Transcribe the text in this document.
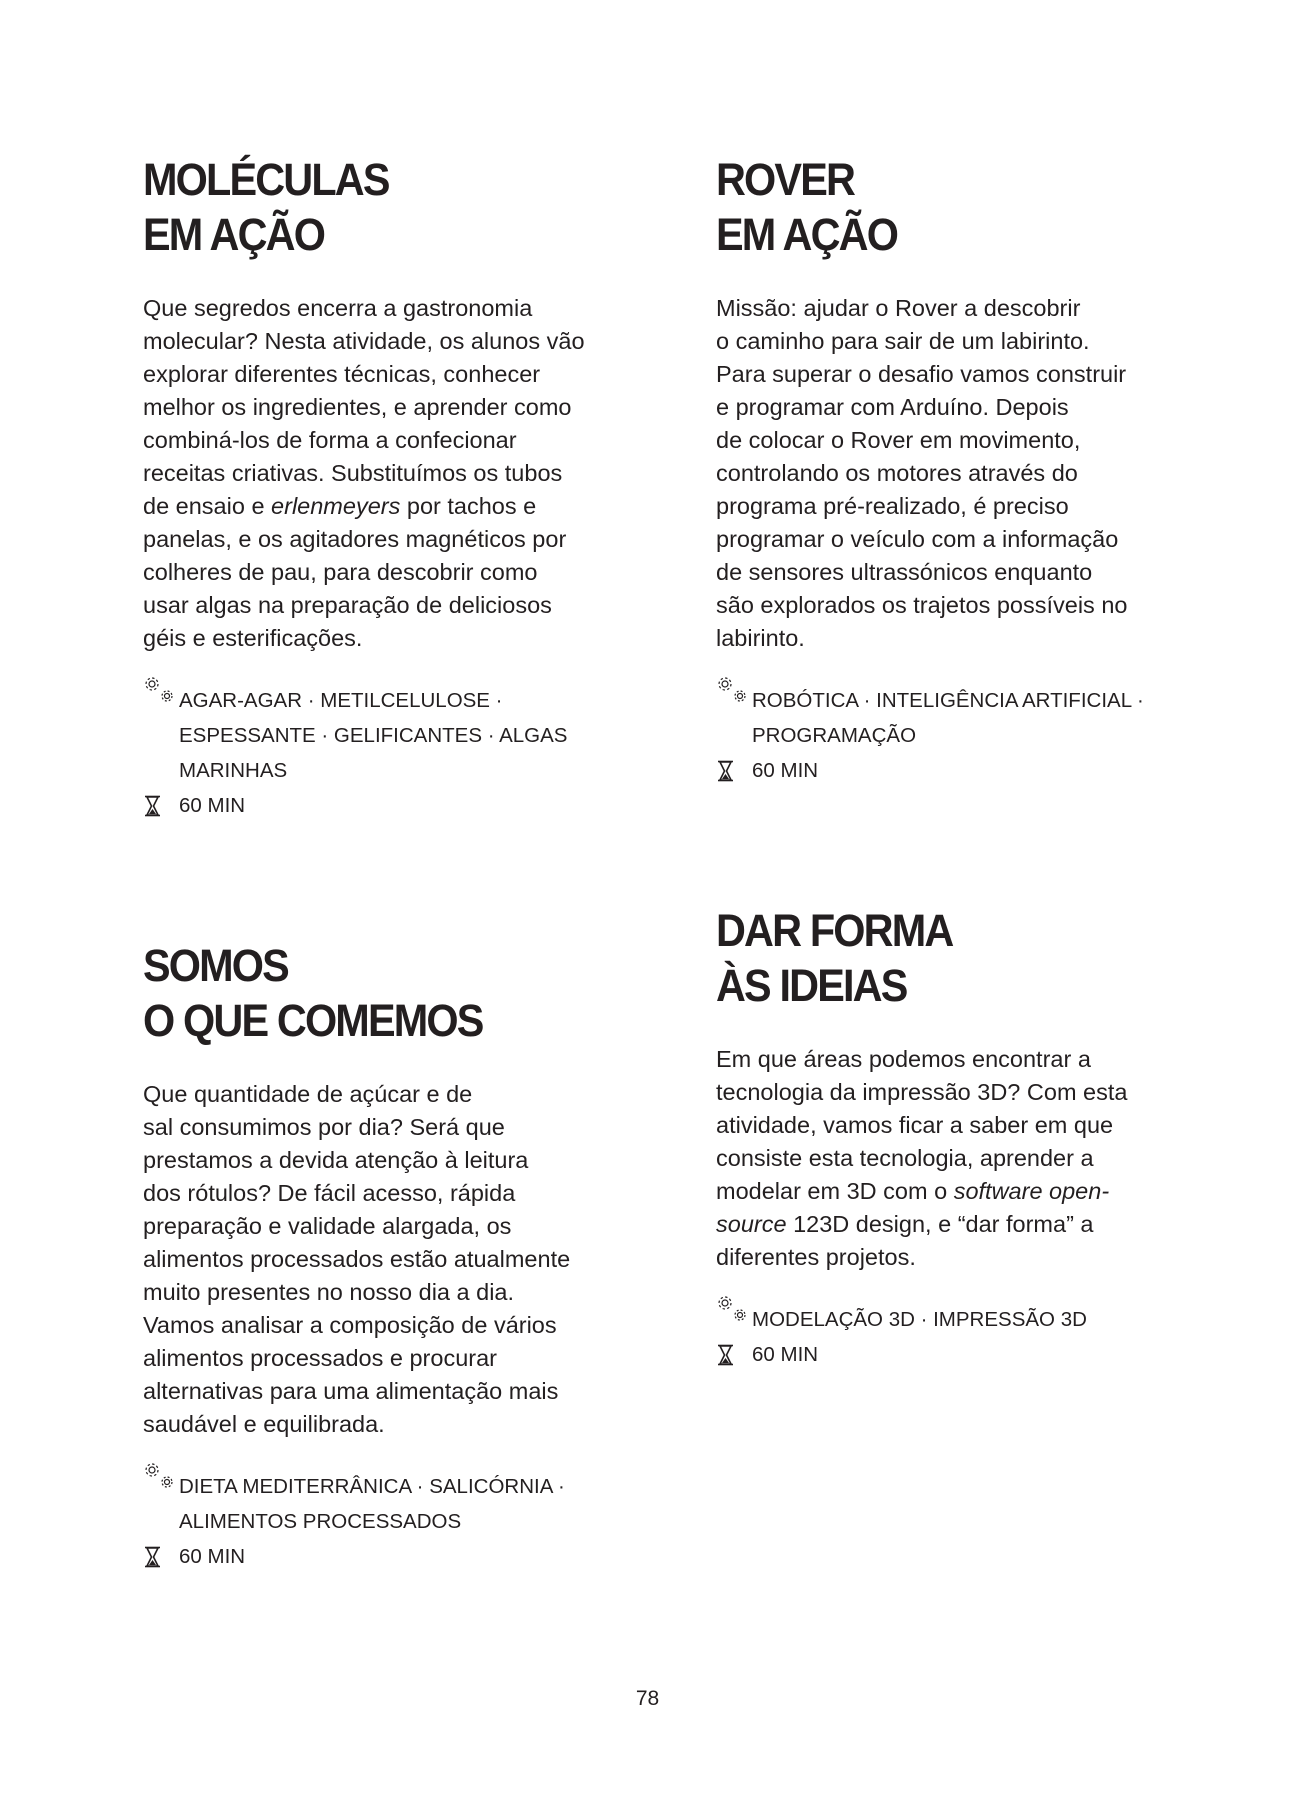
MOLÉCULAS
EM AÇÃO

Que segredos encerra a gastronomia
molecular? Nesta atividade, os alunos vão
explorar diferentes técnicas, conhecer
melhor os ingredientes, e aprender como
combiná-los de forma a confecionar
receitas criativas. Substituímos os tubos
de ensaio e erlenmeyers por tachos e
panelas, e os agitadores magnéticos por
colheres de pau, para descobrir como
usar algas na preparação de deliciosos
géis e esterificações.

AGAR-AGAR · METILCELULOSE ·
ESPESSANTE · GELIFICANTES · ALGAS
MARINHAS
60 MIN
ROVER
EM AÇÃO

Missão: ajudar o Rover a descobrir
o caminho para sair de um labirinto.
Para superar o desafio vamos construir
e programar com Arduíno. Depois
de colocar o Rover em movimento,
controlando os motores através do
programa pré-realizado, é preciso
programar o veículo com a informação
de sensores ultrassónicos enquanto
são explorados os trajetos possíveis no
labirinto.

ROBÓTICA · INTELIGÊNCIA ARTIFICIAL ·
PROGRAMAÇÃO
60 MIN
SOMOS
O QUE COMEMOS

Que quantidade de açúcar e de
sal consumimos por dia? Será que
prestamos a devida atenção à leitura
dos rótulos? De fácil acesso, rápida
preparação e validade alargada, os
alimentos processados estão atualmente
muito presentes no nosso dia a dia.
Vamos analisar a composição de vários
alimentos processados e procurar
alternativas para uma alimentação mais
saudável e equilibrada.

DIETA MEDITERRÂNICA · SALICÓRNIA ·
ALIMENTOS PROCESSADOS
60 MIN
DAR FORMA
ÀS IDEIAS

Em que áreas podemos encontrar a
tecnologia da impressão 3D? Com esta
atividade, vamos ficar a saber em que
consiste esta tecnologia, aprender a
modelar em 3D com o software open-
source 123D design, e “dar forma” a
diferentes projetos.

MODELAÇÃO 3D · IMPRESSÃO 3D
60 MIN
78
